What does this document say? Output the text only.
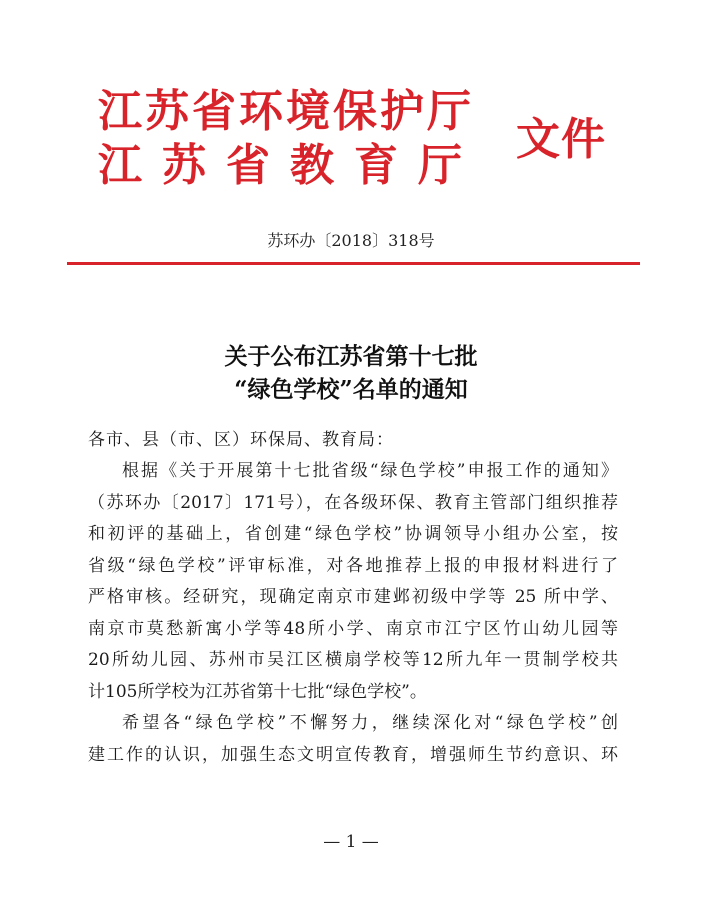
江苏省环境保护厅
江苏省教育厅
文件
苏环办〔2018〕318号
关于公布江苏省第十七批
“绿色学校”名单的通知
各市、县（市、区）环保局、教育局：
根据《关于开展第十七批省级“绿色学校”申报工作的通知》
（苏环办〔2017〕171号），在各级环保、教育主管部门组织推荐
和初评的基础上，省创建“绿色学校”协调领导小组办公室，按
省级“绿色学校”评审标准，对各地推荐上报的申报材料进行了
严格审核。经研究，现确定南京市建邺初级中学等 25 所中学、
南京市莫愁新寓小学等48所小学、南京市江宁区竹山幼儿园等
20所幼儿园、苏州市吴江区横扇学校等12所九年一贯制学校共
计105所学校为江苏省第十七批“绿色学校”。
希望各“绿色学校”不懈努力，继续深化对“绿色学校”创
建工作的认识，加强生态文明宣传教育，增强师生节约意识、环
— 1 —
